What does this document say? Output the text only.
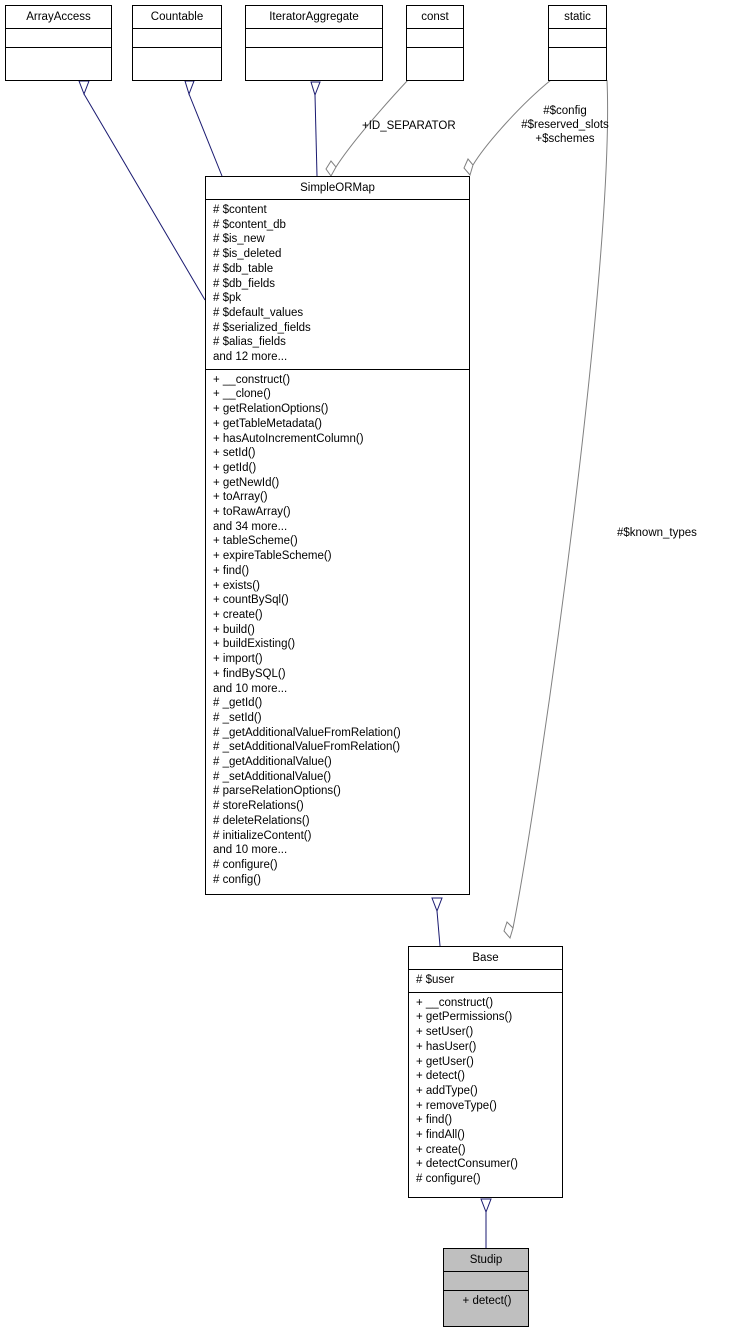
ArrayAccess	Countable	IteratorAggregate	const	static
+ID_SEPARATOR
#$config
#$reserved_slots
+$schemes
#$known_types
SimpleORMap
# $content
# $content_db
# $is_new
# $is_deleted
# $db_table
# $db_fields
# $pk
# $default_values
# $serialized_fields
# $alias_fields
and 12 more...
+ __construct()
+ __clone()
+ getRelationOptions()
+ getTableMetadata()
+ hasAutoIncrementColumn()
+ setId()
+ getId()
+ getNewId()
+ toArray()
+ toRawArray()
and 34 more...
+ tableScheme()
+ expireTableScheme()
+ find()
+ exists()
+ countBySql()
+ create()
+ build()
+ buildExisting()
+ import()
+ findBySQL()
and 10 more...
# _getId()
# _setId()
# _getAdditionalValueFromRelation()
# _setAdditionalValueFromRelation()
# _getAdditionalValue()
# _setAdditionalValue()
# parseRelationOptions()
# storeRelations()
# deleteRelations()
# initializeContent()
and 10 more...
# configure()
# config()
Base
# $user
+ __construct()
+ getPermissions()
+ setUser()
+ hasUser()
+ getUser()
+ detect()
+ addType()
+ removeType()
+ find()
+ findAll()
+ create()
+ detectConsumer()
# configure()
Studip
+ detect()
